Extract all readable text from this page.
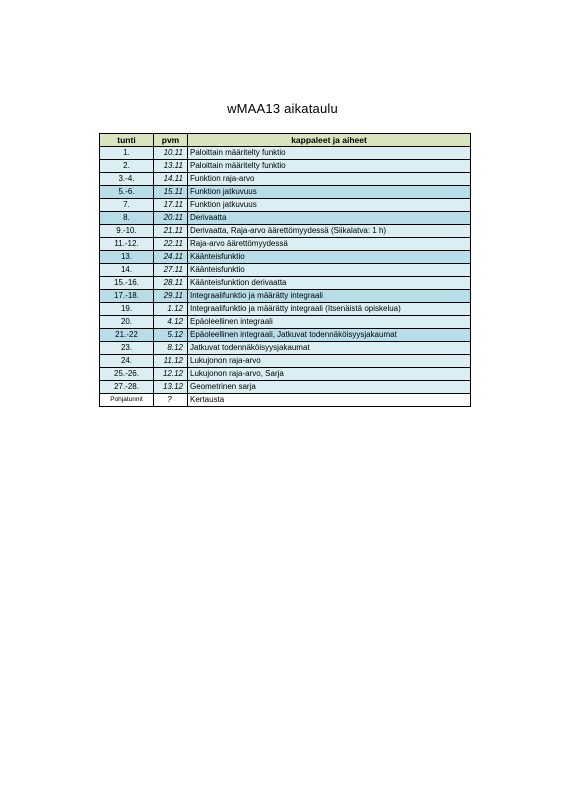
wMAA13 aikataulu
tunti	pvm	kappaleet ja aiheet
1.	10.11	Paloittain määritelty funktio
2.	13.11	Paloittain määritelty funktio
3.-4.	14.11	Funktion raja-arvo
5.-6.	15.11	Funktion jatkuvuus
7.	17.11	Funktion jatkuvuus
8.	20.11	Derivaatta
9.-10.	21.11	Derivaatta, Raja-arvo äärettömyydessä (Siikalatva: 1 h)
11.-12.	22.11	Raja-arvo äärettömyydessä
13.	24.11	Käänteisfunktio
14.	27.11	Käänteisfunktio
15.-16.	28.11	Käänteisfunktion derivaatta
17.-18.	29.11	Integraalifunktio ja määrätty integraali
19.	1.12	Integraalifunktio ja määrätty integraali (Itsenäistä opiskelua)
20.	4.12	Epäoleellinen integraali
21.-22	5.12	Epäoleellinen integraali, Jatkuvat todennäköisyysjakaumat
23.	8.12	Jatkuvat todennäköisyysjakaumat
24.	11.12	Lukujonon raja-arvo
25.-26.	12.12	Lukujonon raja-arvo, Sarja
27.-28.	13.12	Geometrinen sarja
Pohjatunnit	?	Kertausta
